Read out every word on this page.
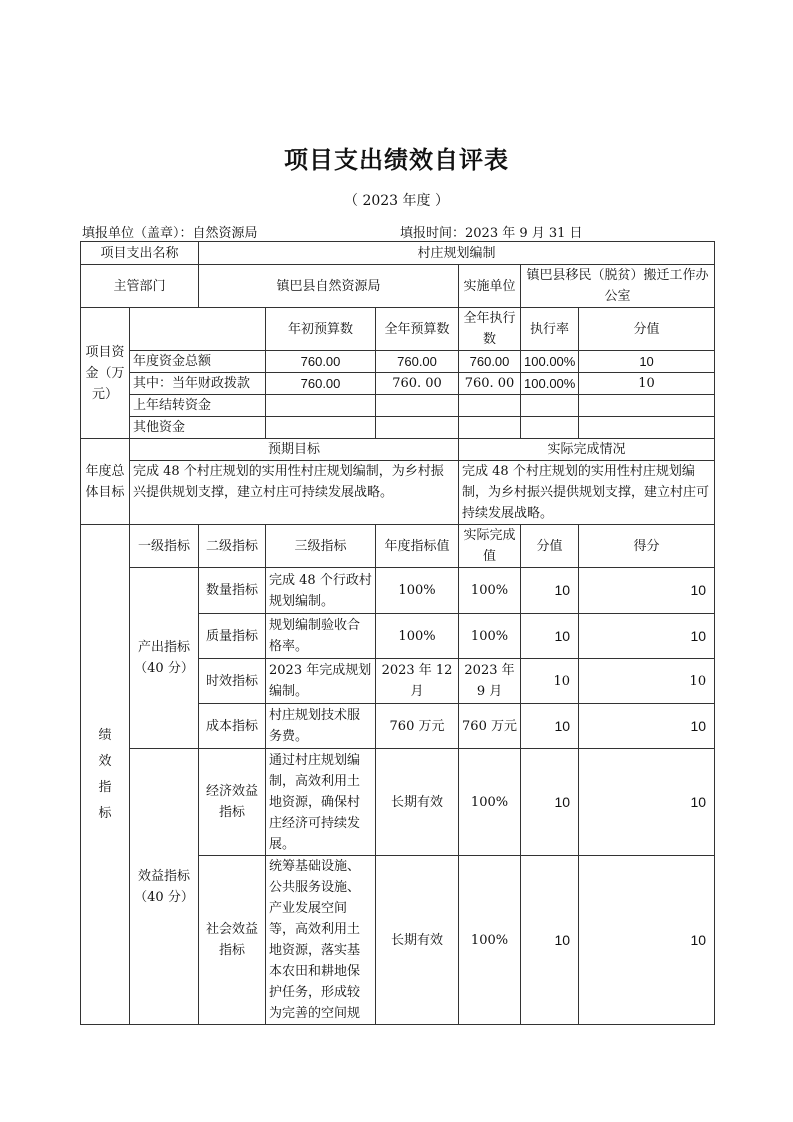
项目支出绩效自评表
（ 2023 年度 ）
填报单位（盖章）：自然资源局	填报时间：2023 年 9 月 31 日
项目支出名称		村庄规划编制						
主管部门		镇巴县自然资源局			实施单位	镇巴县移民（脱贫）搬迁工作办公室		
项目资金（万元）			年初预算数	全年预算数	全年执行数	执行率	分值	
	年度资金总额		760.00	760.00	760.00	100.00%	10	
	其中：当年财政拨款		760.00	760. 00	760. 00	100.00%	10	
	上年结转资金							
	其他资金							
年度总体目标	预期目标				实际完成情况			
	完成 48 个村庄规划的实用性村庄规划编制，为乡村振兴提供规划支撑，建立村庄可持续发展战略。				完成 48 个村庄规划的实用性村庄规划编制，为乡村振兴提供规划支撑，建立村庄可持续发展战略。			
绩效指标	一级指标	二级指标	三级指标	年度指标值	实际完成值	分值	得分	
	产出指标（40 分）	数量指标	完成 48 个行政村规划编制。	100%	100%	10	10	
		质量指标	规划编制验收合格率。	100%	100%	10	10	
		时效指标	2023 年完成规划编制。	2023 年 12 月	2023 年 9 月	10	10	
		成本指标	村庄规划技术服务费。	760 万元	760 万元	10	10	
	效益指标（40 分）	经济效益指标	通过村庄规划编制，高效利用土地资源，确保村庄经济可持续发展。	长期有效	100%	10	10	
		社会效益指标	统筹基础设施、公共服务设施、产业发展空间等，高效利用土地资源，落实基本农田和耕地保护任务，形成较为完善的空间规	长期有效	100%	10	10	
